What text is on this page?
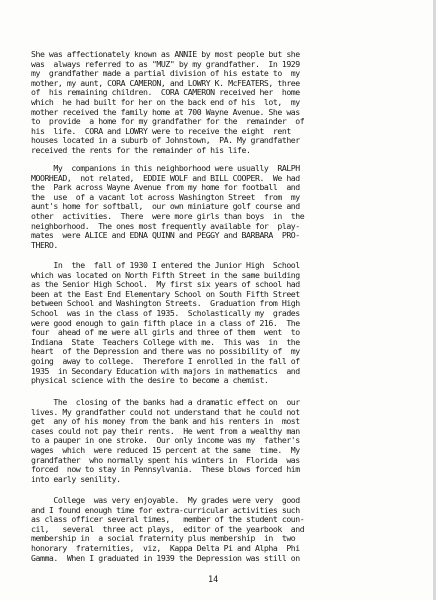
She was affectionately known as ANNIE by most people but she
was  always referred to as "MUZ" by my grandfather.  In 1929
my  grandfather made a partial division of his estate to  my
mother, my aunt, CORA CAMERON, and LOWRY K. McFEATERS, three
of  his remaining children.  CORA CAMERON received her  home
which  he had built for her on the back end of his  lot,  my
mother received the family home at 700 Wayne Avenue. She was
to  provide  a home for my grandfather for the  remainder  of
his  life.  CORA and LOWRY were to receive the eight  rent
houses located in a suburb of Johnstown,  PA. My grandfather
received the rents for the remainder of his life.
My  companions in this neighborhood were usually  RALPH
MOORHEAD,  not related,  EDDIE WOLF and BILL COOPER.  We had
the  Park across Wayne Avenue from my home for football  and
the  use  of a vacant lot across Washington Street  from  my
aunt's home for softball,  our own miniature golf course and
other  activities.  There  were more girls than boys  in  the
neighborhood.  The ones most frequently available for  play-
mates  were ALICE and EDNA QUINN and PEGGY and BARBARA  PRO-
THERO.
In  the  fall of 1930 I entered the Junior High  School
which was located on North Fifth Street in the same building
as the Senior High School.  My first six years of school had
been at the East End Elementary School on South Fifth Street
between School and Washington Streets.  Graduation from High
School  was in the class of 1935.  Scholastically my  grades
were good enough to gain fifth place in a class of 216.  The
four  ahead of me were all girls and three of them  went  to
Indiana  State  Teachers College with me.  This was  in  the
heart  of the Depression and there was no possibility of  my
going  away to college.  Therefore I enrolled in the fall of
1935  in Secondary Education with majors in mathematics  and
physical science with the desire to become a chemist.
The  closing of the banks had a dramatic effect on  our
lives. My grandfather could not understand that he could not
get  any of his money from the bank and his renters in  most
cases could not pay their rents.  He went from a wealthy man
to a pauper in one stroke.  Our only income was my  father's
wages  which  were reduced 15 percent at the same  time.  My
grandfather  who normally spent his winters in  Florida  was
forced  now to stay in Pennsylvania.  These blows forced him
into early senility.
College  was very enjoyable.  My grades were very  good
and I found enough time for extra-curricular activities such
as class officer several times,   member of the student coun-
cil,   several  three act plays,  editor of the yearbook  and
membership in  a social fraternity plus membership  in  two
honorary  fraternities,  viz,  Kappa Delta Pi and Alpha  Phi
Gamma.  When I graduated in 1939 the Depression was still on
14
